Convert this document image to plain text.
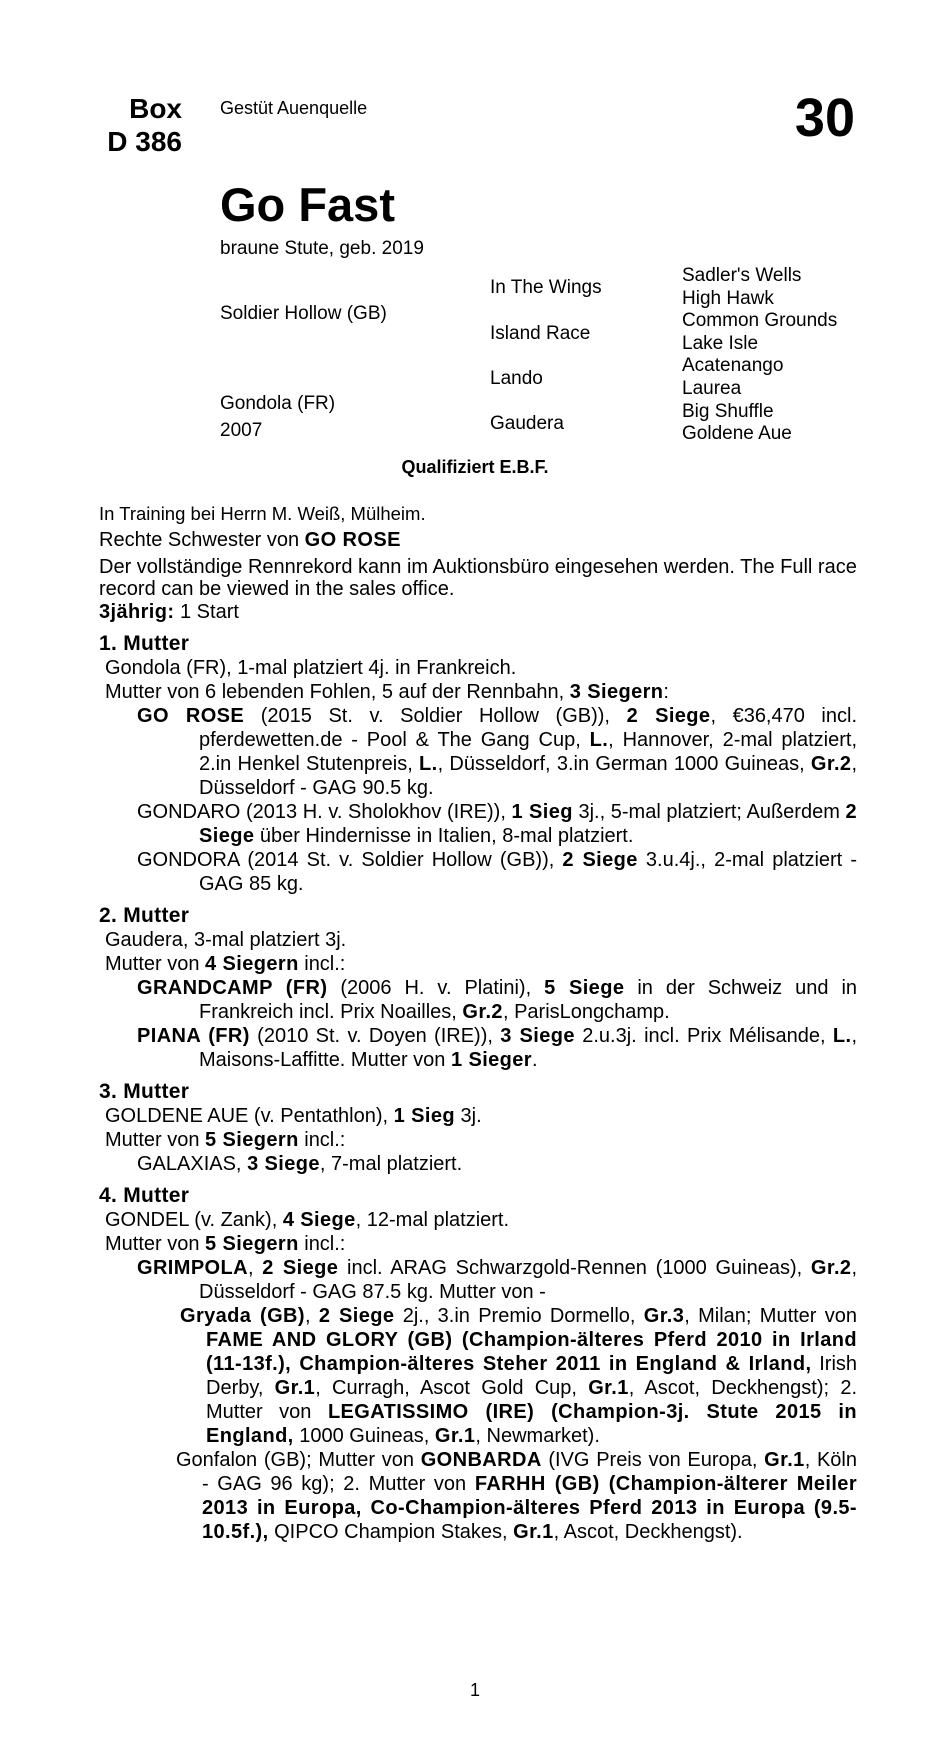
Box
D 386
Gestüt Auenquelle	30
Go Fast
braune Stute, geb. 2019
Soldier Hollow (GB)
Gondola (FR)
2007
In The Wings
Island Race
Lando
Gaudera
Sadler's Wells
High Hawk
Common Grounds
Lake Isle
Acatenango
Laurea
Big Shuffle
Goldene Aue
Qualifiziert E.B.F.

In Training bei Herrn M. Weiß, Mülheim.

Rechte Schwester von GO ROSE

Der vollständige Rennrekord kann im Auktionsbüro eingesehen werden. The Full race record can be viewed in the sales office.

3jährig: 1 Start

1. Mutter
Gondola (FR), 1-mal platziert 4j. in Frankreich.
Mutter von 6 lebenden Fohlen, 5 auf der Rennbahn, 3 Siegern:
GO ROSE (2015 St. v. Soldier Hollow (GB)), 2 Siege, €36,470 incl. pferdewetten.de - Pool & The Gang Cup, L., Hannover, 2-mal platziert, 2.in Henkel Stutenpreis, L., Düsseldorf, 3.in German 1000 Guineas, Gr.2, Düsseldorf - GAG 90.5 kg.
GONDARO (2013 H. v. Sholokhov (IRE)), 1 Sieg 3j., 5-mal platziert; Außerdem 2 Siege über Hindernisse in Italien, 8-mal platziert.
GONDORA (2014 St. v. Soldier Hollow (GB)), 2 Siege 3.u.4j., 2-mal platziert - GAG 85 kg.
2. Mutter
Gaudera, 3-mal platziert 3j.
Mutter von 4 Siegern incl.:
GRANDCAMP (FR) (2006 H. v. Platini), 5 Siege in der Schweiz und in Frankreich incl. Prix Noailles, Gr.2, ParisLongchamp.
PIANA (FR) (2010 St. v. Doyen (IRE)), 3 Siege 2.u.3j. incl. Prix Mélisande, L., Maisons-Laffitte. Mutter von 1 Sieger.
3. Mutter
GOLDENE AUE (v. Pentathlon), 1 Sieg 3j.
Mutter von 5 Siegern incl.:
GALAXIAS, 3 Siege, 7-mal platziert.
4. Mutter
GONDEL (v. Zank), 4 Siege, 12-mal platziert.
Mutter von 5 Siegern incl.:
GRIMPOLA, 2 Siege incl. ARAG Schwarzgold-Rennen (1000 Guineas), Gr.2, Düsseldorf - GAG 87.5 kg. Mutter von -
Gryada (GB), 2 Siege 2j., 3.in Premio Dormello, Gr.3, Milan; Mutter von FAME AND GLORY (GB) (Champion-älteres Pferd 2010 in Irland (11-13f.), Champion-älteres Steher 2011 in England & Irland, Irish Derby, Gr.1, Curragh, Ascot Gold Cup, Gr.1, Ascot, Deckhengst); 2. Mutter von LEGATISSIMO (IRE) (Champion-3j. Stute 2015 in England, 1000 Guineas, Gr.1, Newmarket).
Gonfalon (GB); Mutter von GONBARDA (IVG Preis von Europa, Gr.1, Köln - GAG 96 kg); 2. Mutter von FARHH (GB) (Champion-älterer Meiler 2013 in Europa, Co-Champion-älteres Pferd 2013 in Europa (9.5-10.5f.), QIPCO Champion Stakes, Gr.1, Ascot, Deckhengst).
1
